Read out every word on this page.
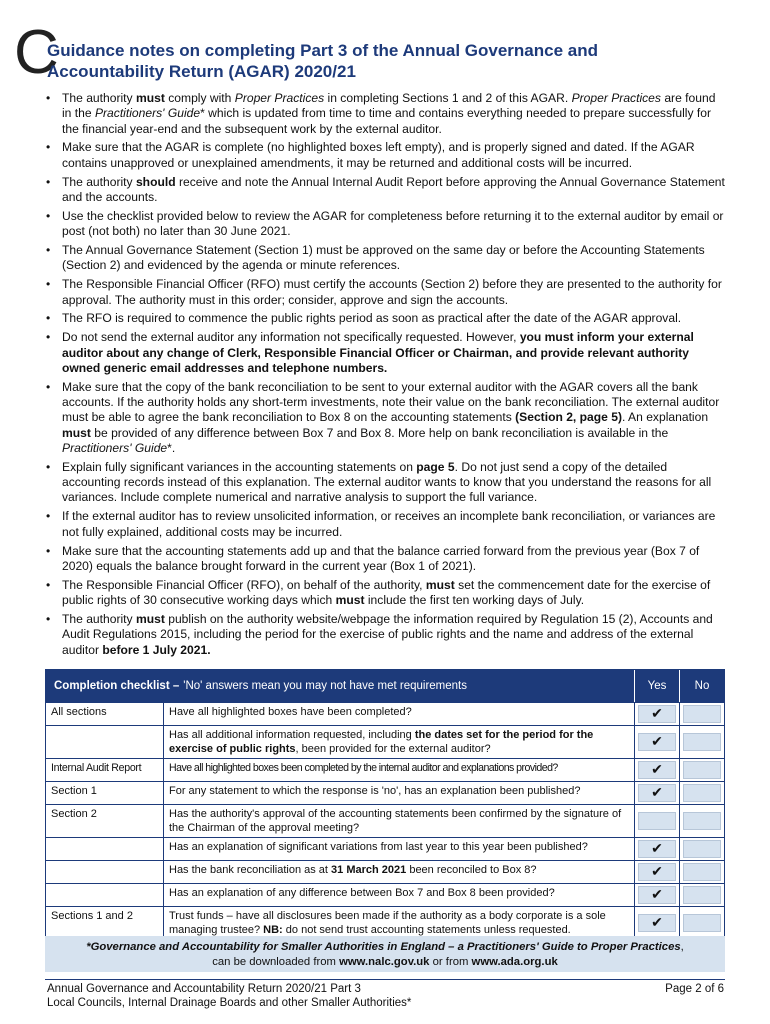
C
Guidance notes on completing Part 3 of the Annual Governance and Accountability Return (AGAR) 2020/21
• The authority must comply with Proper Practices in completing Sections 1 and 2 of this AGAR. Proper Practices are found in the Practitioners' Guide* which is updated from time to time and contains everything needed to prepare successfully for the financial year-end and the subsequent work by the external auditor.
• Make sure that the AGAR is complete (no highlighted boxes left empty), and is properly signed and dated. If the AGAR contains unapproved or unexplained amendments, it may be returned and additional costs will be incurred.
• The authority should receive and note the Annual Internal Audit Report before approving the Annual Governance Statement and the accounts.
• Use the checklist provided below to review the AGAR for completeness before returning it to the external auditor by email or post (not both) no later than 30 June 2021.
• The Annual Governance Statement (Section 1) must be approved on the same day or before the Accounting Statements (Section 2) and evidenced by the agenda or minute references.
• The Responsible Financial Officer (RFO) must certify the accounts (Section 2) before they are presented to the authority for approval. The authority must in this order; consider, approve and sign the accounts.
• The RFO is required to commence the public rights period as soon as practical after the date of the AGAR approval.
• Do not send the external auditor any information not specifically requested. However, you must inform your external auditor about any change of Clerk, Responsible Financial Officer or Chairman, and provide relevant authority owned generic email addresses and telephone numbers.
• Make sure that the copy of the bank reconciliation to be sent to your external auditor with the AGAR covers all the bank accounts. If the authority holds any short-term investments, note their value on the bank reconciliation. The external auditor must be able to agree the bank reconciliation to Box 8 on the accounting statements (Section 2, page 5). An explanation must be provided of any difference between Box 7 and Box 8. More help on bank reconciliation is available in the Practitioners' Guide*.
• Explain fully significant variances in the accounting statements on page 5. Do not just send a copy of the detailed accounting records instead of this explanation. The external auditor wants to know that you understand the reasons for all variances. Include complete numerical and narrative analysis to support the full variance.
• If the external auditor has to review unsolicited information, or receives an incomplete bank reconciliation, or variances are not fully explained, additional costs may be incurred.
• Make sure that the accounting statements add up and that the balance carried forward from the previous year (Box 7 of 2020) equals the balance brought forward in the current year (Box 1 of 2021).
• The Responsible Financial Officer (RFO), on behalf of the authority, must set the commencement date for the exercise of public rights of 30 consecutive working days which must include the first ten working days of July.
• The authority must publish on the authority website/webpage the information required by Regulation 15 (2), Accounts and Audit Regulations 2015, including the period for the exercise of public rights and the name and address of the external auditor before 1 July 2021.
Completion checklist – 'No' answers mean you may not have met requirements	Yes	No
All sections	Have all highlighted boxes have been completed?	✔
Has all additional information requested, including the dates set for the period for the exercise of public rights, been provided for the external auditor?	✔
Internal Audit Report	Have all highlighted boxes been completed by the internal auditor and explanations provided?	✔
Section 1	For any statement to which the response is 'no', has an explanation been published?	✔
Section 2	Has the authority's approval of the accounting statements been confirmed by the signature of the Chairman of the approval meeting?
Has an explanation of significant variations from last year to this year been published?	✔
Has the bank reconciliation as at 31 March 2021 been reconciled to Box 8?	✔
Has an explanation of any difference between Box 7 and Box 8 been provided?	✔
Sections 1 and 2	Trust funds – have all disclosures been made if the authority as a body corporate is a sole managing trustee? NB: do not send trust accounting statements unless requested.	✔
*Governance and Accountability for Smaller Authorities in England – a Practitioners' Guide to Proper Practices,
can be downloaded from www.nalc.gov.uk or from www.ada.org.uk
Annual Governance and Accountability Return 2020/21 Part 3
Local Councils, Internal Drainage Boards and other Smaller Authorities*
Page 2 of 6
